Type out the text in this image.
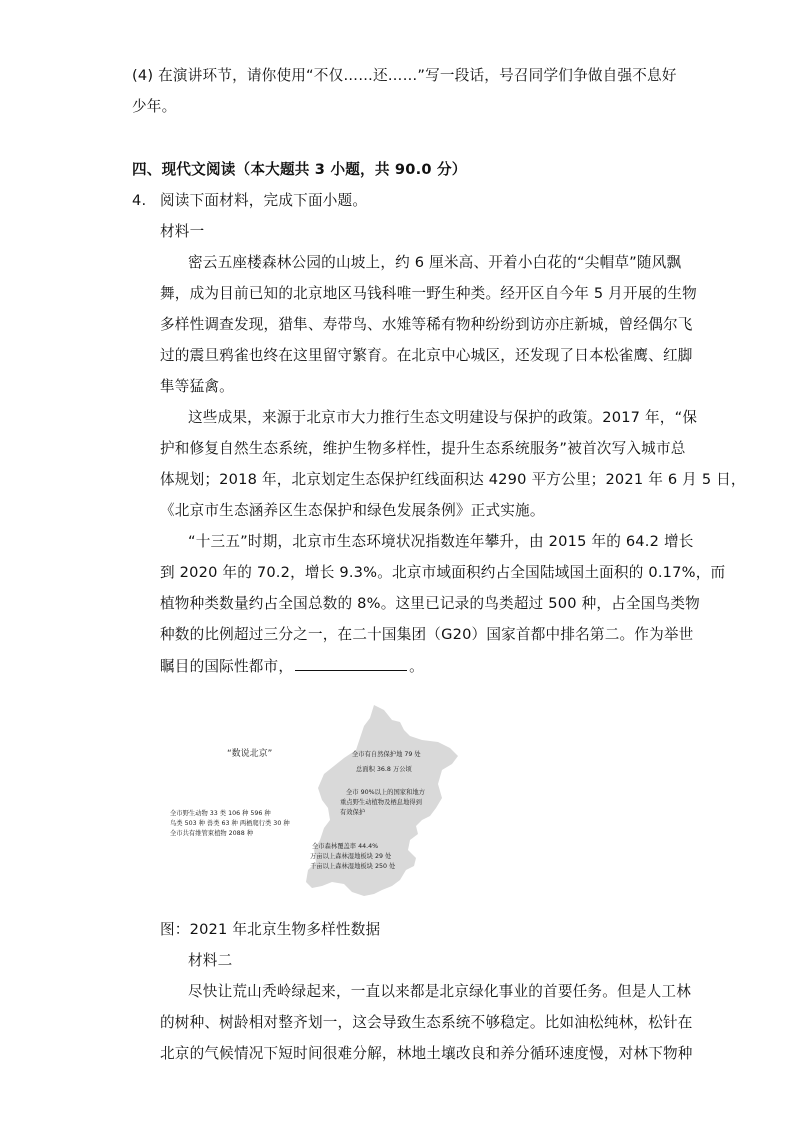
(4) 在演讲环节，请你使用“不仅……还……”写一段话，号召同学们争做自强不息好
少年。
四、现代文阅读（本大题共 3 小题，共 90.0 分）
4. 阅读下面材料，完成下面小题。
材料一
密云五座楼森林公园的山坡上，约 6 厘米高、开着小白花的“尖帽草”随风飘
舞，成为目前已知的北京地区马钱科唯一野生种类。经开区自今年 5 月开展的生物
多样性调查发现，猎隼、寿带鸟、水雉等稀有物种纷纷到访亦庄新城，曾经偶尔飞
过的震旦鸦雀也终在这里留守繁育。在北京中心城区，还发现了日本松雀鹰、红脚
隼等猛禽。
这些成果，来源于北京市大力推行生态文明建设与保护的政策。2017 年，“保
护和修复自然生态系统，维护生物多样性，提升生态系统服务”被首次写入城市总
体规划；2018 年，北京划定生态保护红线面积达 4290 平方公里；2021 年 6 月 5 日，
《北京市生态涵养区生态保护和绿色发展条例》正式实施。
“十三五”时期，北京市生态环境状况指数连年攀升，由 2015 年的 64.2 增长
到 2020 年的 70.2，增长 9.3%。北京市域面积约占全国陆域国土面积的 0.17%，而
植物种类数量约占全国总数的 8%。这里已记录的鸟类超过 500 种，占全国鸟类物
种数的比例超过三分之一，在二十国集团（G20）国家首都中排名第二。作为举世
瞩目的国际性都市，	。
“数说北京”	全市有自然保护地 79 处
总面积 36.8 万公顷
全市 90%以上的国家和地方
重点野生动植物及栖息地得到
有效保护
全市野生动物 33 类 106 种 596 种
鸟类 503 种 兽类 63 种 两栖爬行类 30 种
全市共有维管束植物 2088 种
全市森林覆盖率 44.4%
万亩以上森林湿地板块 29 处
千亩以上森林湿地板块 250 处
图：2021 年北京生物多样性数据
材料二
尽快让荒山秃岭绿起来，一直以来都是北京绿化事业的首要任务。但是人工林
的树种、树龄相对整齐划一，这会导致生态系统不够稳定。比如油松纯林，松针在
北京的气候情况下短时间很难分解，林地土壤改良和养分循环速度慢，对林下物种
